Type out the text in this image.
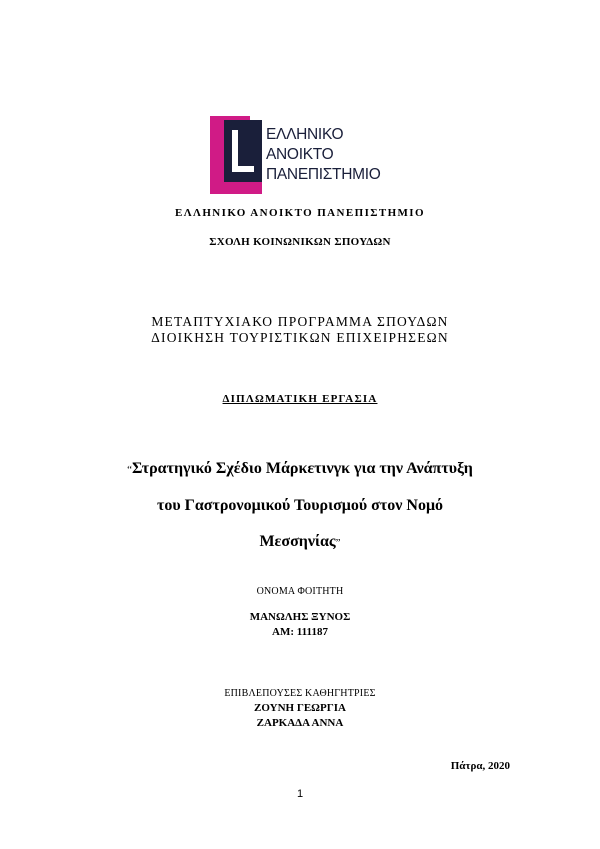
ΕΛΛΗΝΙΚΟ
ΑΝΟΙΚΤΟ
ΠΑΝΕΠΙΣΤΗΜΙΟ
ΕΛΛΗΝΙΚΟ ΑΝΟΙΚΤΟ ΠΑΝΕΠΙΣΤΗΜΙΟ
ΣΧΟΛΗ ΚΟΙΝΩΝΙΚΩΝ ΣΠΟΥΔΩΝ
ΜΕΤΑΠΤΥΧΙΑΚΟ ΠΡΟΓΡΑΜΜΑ ΣΠΟΥΔΩΝ
ΔΙΟΙΚΗΣΗ ΤΟΥΡΙΣΤΙΚΩΝ ΕΠΙΧΕΙΡΗΣΕΩΝ
ΔΙΠΛΩΜΑΤΙΚΗ ΕΡΓΑΣΙΑ
“Στρατηγικό Σχέδιο Μάρκετινγκ για την Ανάπτυξη
του Γαστρονομικού Τουρισμού στον Νομό
Μεσσηνίας”
ΟΝΟΜΑ ΦΟΙΤΗΤΗ
ΜΑΝΩΛΗΣ ΞΥΝΟΣ
ΑΜ: 111187
ΕΠΙΒΛΕΠΟΥΣΕΣ ΚΑΘΗΓΗΤΡΙΕΣ
ΖΟΥΝΗ ΓΕΩΡΓΙΑ
ΖΑΡΚΑΔΑ ΑΝΝΑ
Πάτρα, 2020
1
